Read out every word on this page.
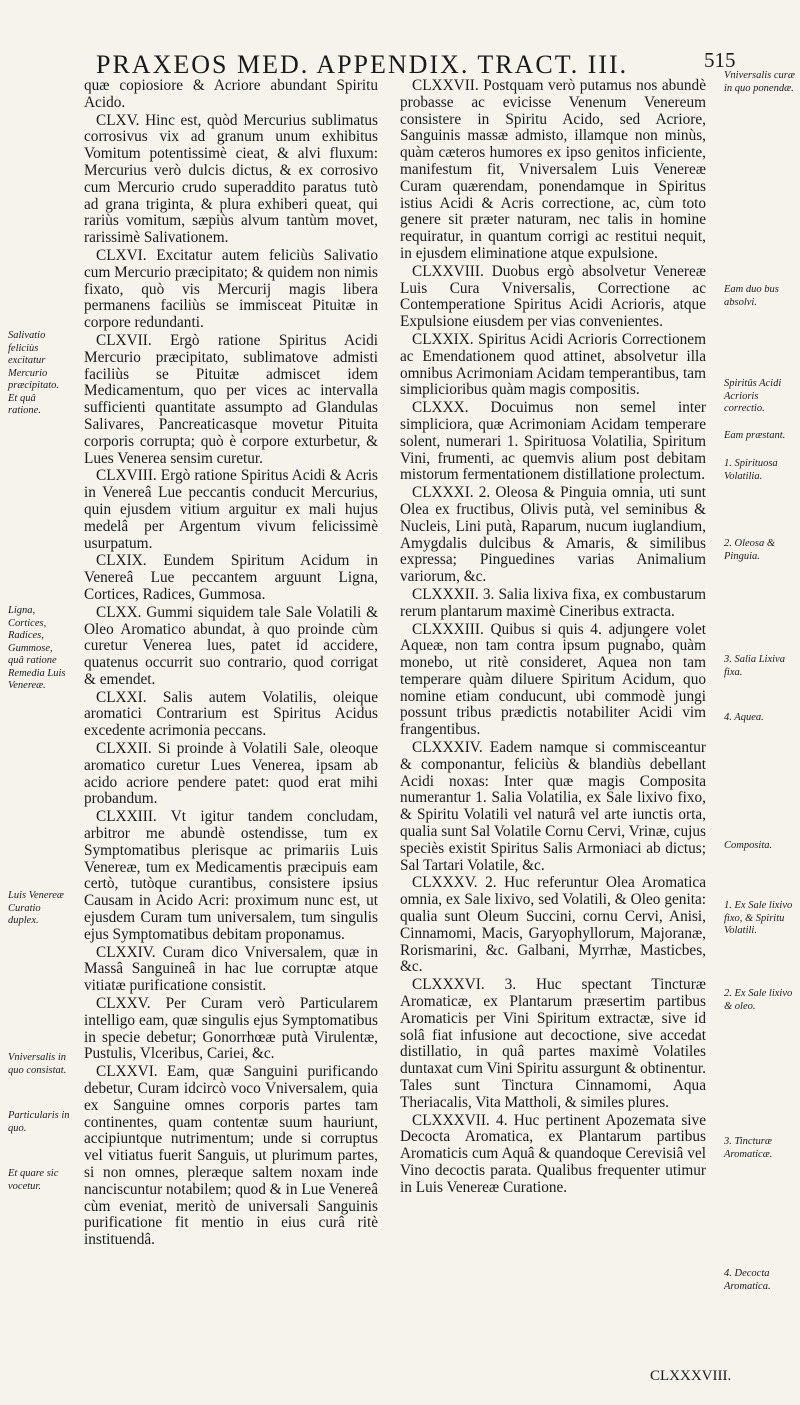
PRAXEOS MED. APPENDIX. TRACT. III.	515

quæ copiosiore & Acriore abundant Spiritu Acido.

CLXV. Hinc est, quòd Mercurius sublimatus corrosivus vix ad granum unum exhibitus Vomitum potentissimè cieat, & alvi fluxum: Mercurius verò dulcis dictus, & ex corrosivo cum Mercurio crudo superaddito paratus tutò ad grana triginta, & plura exhiberi queat, qui rariùs vomitum, sæpiùs alvum tantùm movet, rarissimè Salivationem.

CLXVI. Excitatur autem feliciùs Salivatio cum Mercurio præcipitato; & quidem non nimis fixato, quò vis Mercurij magis libera permanens faciliùs se immisceat Pituitæ in corpore redundanti.

CLXVII. Ergò ratione Spiritus Acidi Mercurio præcipitato, sublimatove admisti faciliùs se Pituitæ admiscet idem Medicamentum, quo per vices ac intervalla sufficienti quantitate assumpto ad Glandulas Salivares, Pancreaticasque movetur Pituita corporis corrupta; quò è corpore exturbetur, & Lues Venerea sensim curetur.

CLXVIII. Ergò ratione Spiritus Acidi & Acris in Venereâ Lue peccantis conducit Mercurius, quin ejusdem vitium arguitur ex mali hujus medelâ per Argentum vivum felicissimè usurpatum.

CLXIX. Eundem Spiritum Acidum in Venereâ Lue peccantem arguunt Ligna, Cortices, Radices, Gummosa.

CLXX. Gummi siquidem tale Sale Volatili & Oleo Aromatico abundat, à quo proinde cùm curetur Venerea lues, patet id accidere, quatenus occurrit suo contrario, quod corrigat & emendet.

CLXXI. Salis autem Volatilis, oleique aromatici Contrarium est Spiritus Acidus excedente acrimonia peccans.

CLXXII. Si proinde à Volatili Sale, oleoque aromatico curetur Lues Venerea, ipsam ab acido acriore pendere patet: quod erat mihi probandum.

CLXXIII. Vt igitur tandem concludam, arbitror me abundè ostendisse, tum ex Symptomatibus plerisque ac primariis Luis Venereæ, tum ex Medicamentis præcipuis eam certò, tutòque curantibus, consistere ipsius Causam in Acido Acri: proximum nunc est, ut ejusdem Curam tum universalem, tum singulis ejus Symptomatibus debitam proponamus.

CLXXIV. Curam dico Vniversalem, quæ in Massâ Sanguineâ in hac lue corruptæ atque vitiatæ purificatione consistit.

CLXXV. Per Curam verò Particularem intelligo eam, quæ singulis ejus Symptomatibus in specie debetur; Gonorrhœæ putà Virulentæ, Pustulis, Vlceribus, Cariei, &c.

CLXXVI. Eam, quæ Sanguini purificando debetur, Curam idcircò voco Vniversalem, quia ex Sanguine omnes corporis partes tam continentes, quam contentæ suum hauriunt, accipiuntque nutrimentum; unde si corruptus vel vitiatus fuerit Sanguis, ut plurimum partes, si non omnes, pleræque saltem noxam inde nanciscuntur notabilem; quod & in Lue Venereâ cùm eveniat, meritò de universali Sanguinis purificatione fit mentio in eius curâ ritè instituendâ.

CLXXVII. Postquam verò putamus nos abundè probasse ac evicisse Venenum Venereum consistere in Spiritu Acido, sed Acriore, Sanguinis massæ admisto, illamque non minùs, quàm cæteros humores ex ipso genitos inficiente, manifestum fit, Vniversalem Luis Venereæ Curam quærendam, ponendamque in Spiritus istius Acidi & Acris correctione, ac, cùm toto genere sit præter naturam, nec talis in homine requiratur, in quantum corrigi ac restitui nequit, in ejusdem eliminatione atque expulsione.

CLXXVIII. Duobus ergò absolvetur Venereæ Luis Cura Vniversalis, Correctione ac Contemperatione Spiritus Acidi Acrioris, atque Expulsione eiusdem per vias convenientes.

CLXXIX. Spiritus Acidi Acrioris Correctionem ac Emendationem quod attinet, absolvetur illa omnibus Acrimoniam Acidam temperantibus, tam simplicioribus quàm magis compositis.

CLXXX. Docuimus non semel inter simpliciora, quæ Acrimoniam Acidam temperare solent, numerari 1. Spirituosa Volatilia, Spiritum Vini, frumenti, ac quemvis alium post debitam mistorum fermentationem distillatione prolectum.

CLXXXI. 2. Oleosa & Pinguia omnia, uti sunt Olea ex fructibus, Olivis putà, vel seminibus & Nucleis, Lini putà, Raparum, nucum iuglandium, Amygdalis dulcibus & Amaris, & similibus expressa; Pinguedines varias Animalium variorum, &c.

CLXXXII. 3. Salia lixiva fixa, ex combustarum rerum plantarum maximè Cineribus extracta.

CLXXXIII. Quibus si quis 4. adjungere volet Aqueæ, non tam contra ipsum pugnabo, quàm monebo, ut ritè consideret, Aquea non tam temperare quàm diluere Spiritum Acidum, quo nomine etiam conducunt, ubi commodè jungi possunt tribus prædictis notabiliter Acidi vim frangentibus.

CLXXXIV. Eadem namque si commisceantur & componantur, feliciùs & blandiùs debellant Acidi noxas: Inter quæ magis Composita numerantur 1. Salia Volatilia, ex Sale lixivo fixo, & Spiritu Volatili vel naturâ vel arte iunctis orta, qualia sunt Sal Volatile Cornu Cervi, Vrinæ, cujus speciès existit Spiritus Salis Armoniaci ab dictus; Sal Tartari Volatile, &c.

CLXXXV. 2. Huc referuntur Olea Aromatica omnia, ex Sale lixivo, sed Volatili, & Oleo genita: qualia sunt Oleum Succini, cornu Cervi, Anisi, Cinnamomi, Macis, Garyophyllorum, Majoranæ, Rorismarini, &c. Galbani, Myrrhæ, Masticbes, &c.

CLXXXVI. 3. Huc spectant Tincturæ Aromaticæ, ex Plantarum præsertim partibus Aromaticis per Vini Spiritum extractæ, sive id solâ fiat infusione aut decoctione, sive accedat distillatio, in quâ partes maximè Volatiles duntaxat cum Vini Spiritu assurgunt & obtinentur. Tales sunt Tinctura Cinnamomi, Aqua Theriacalis, Vita Mattholi, & similes plures.

CLXXXVII. 4. Huc pertinent Apozemata sive Decocta Aromatica, ex Plantarum partibus Aromaticis cum Aquâ & quandoque Cerevisiâ vel Vino decoctis parata. Qualibus frequenter utimur in Luis Venereæ Curatione.

Salivatio feliciùs excitatur Mercurio præcipitato. Et quâ ratione.
Ligna, Cortices, Radices, Gummose, quâ ratione Remedia Luis Venereæ.
Luis Venereæ Curatio duplex.
Vniversalis in quo consistat.
Particularis in quo.
Et quare sic vocetur.
Vniversalis curæ in quo ponendæ.
Eam duo bus absolvi.
Spiritûs Acidi Acrioris correctio.
Eam præstant.
1. Spirituosa Volatilia.
2. Oleosa & Pinguia.
3. Salia Lixiva fixa.
4. Aquea.
Composita.
1. Ex Sale lixivo fixo, & Spiritu Volatili.
2. Ex Sale lixivo & oleo.
3. Tincturæ Aromaticæ.
4. Decocta Aromatica.
CLXXXVIII.
